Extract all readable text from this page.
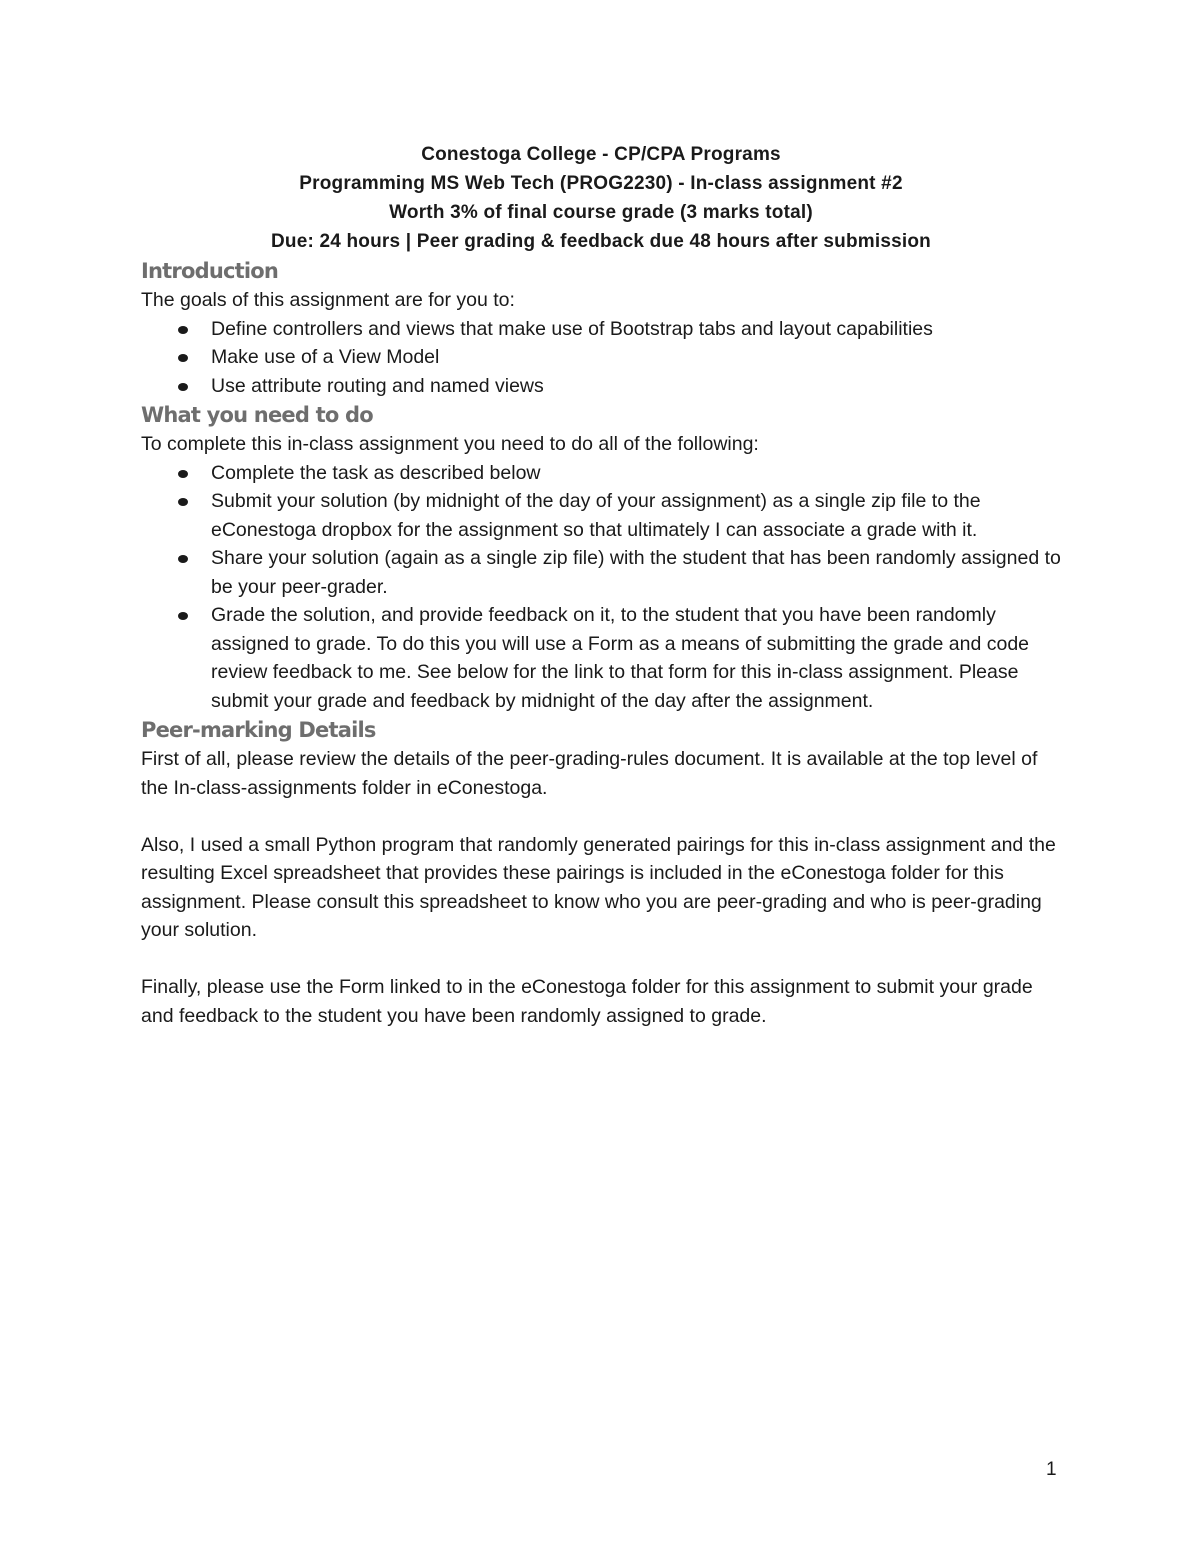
Conestoga College - CP/CPA Programs
Programming MS Web Tech (PROG2230) - In-class assignment #2
Worth 3% of final course grade (3 marks total)
Due: 24 hours | Peer grading & feedback due 48 hours after submission
Introduction

The goals of this assignment are for you to:

Define controllers and views that make use of Bootstrap tabs and layout capabilities
Make use of a View Model
Use attribute routing and named views
What you need to do

To complete this in-class assignment you need to do all of the following:

Complete the task as described below
Submit your solution (by midnight of the day of your assignment) as a single zip file to the eConestoga dropbox for the assignment so that ultimately I can associate a grade with it.
Share your solution (again as a single zip file) with the student that has been randomly assigned to be your peer-grader.
Grade the solution, and provide feedback on it, to the student that you have been randomly assigned to grade. To do this you will use a Form as a means of submitting the grade and code review feedback to me. See below for the link to that form for this in-class assignment. Please submit your grade and feedback by midnight of the day after the assignment.
Peer-marking Details

First of all, please review the details of the peer-grading-rules document. It is available at the top level of the In-class-assignments folder in eConestoga.

Also, I used a small Python program that randomly generated pairings for this in-class assignment and the resulting Excel spreadsheet that provides these pairings is included in the eConestoga folder for this assignment. Please consult this spreadsheet to know who you are peer-grading and who is peer-grading your solution.

Finally, please use the Form linked to in the eConestoga folder for this assignment to submit your grade and feedback to the student you have been randomly assigned to grade.

1
